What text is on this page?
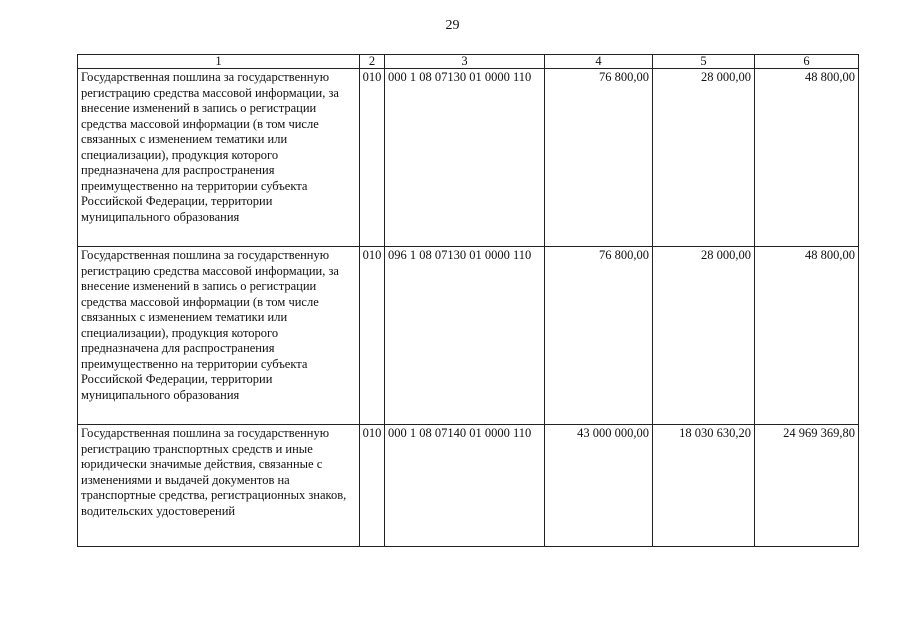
29
1	2	3	4	5	6
Государственная пошлина за государственную регистрацию средства массовой информации, за внесение изменений в запись о регистрации средства массовой информации (в том числе связанных с изменением тематики или специализации), продукция которого предназначена для распространения преимущественно на территории субъекта Российской Федерации, территории муниципального образования	010	000 1 08 07130 01 0000 110	76 800,00	28 000,00	48 800,00
Государственная пошлина за государственную регистрацию средства массовой информации, за внесение изменений в запись о регистрации средства массовой информации (в том числе связанных с изменением тематики или специализации), продукция которого предназначена для распространения преимущественно на территории субъекта Российской Федерации, территории муниципального образования	010	096 1 08 07130 01 0000 110	76 800,00	28 000,00	48 800,00
Государственная пошлина за государственную регистрацию транспортных средств и иные юридически значимые действия, связанные с изменениями и выдачей документов на транспортные средства, регистрационных знаков, водительских удостоверений	010	000 1 08 07140 01 0000 110	43 000 000,00	18 030 630,20	24 969 369,80
